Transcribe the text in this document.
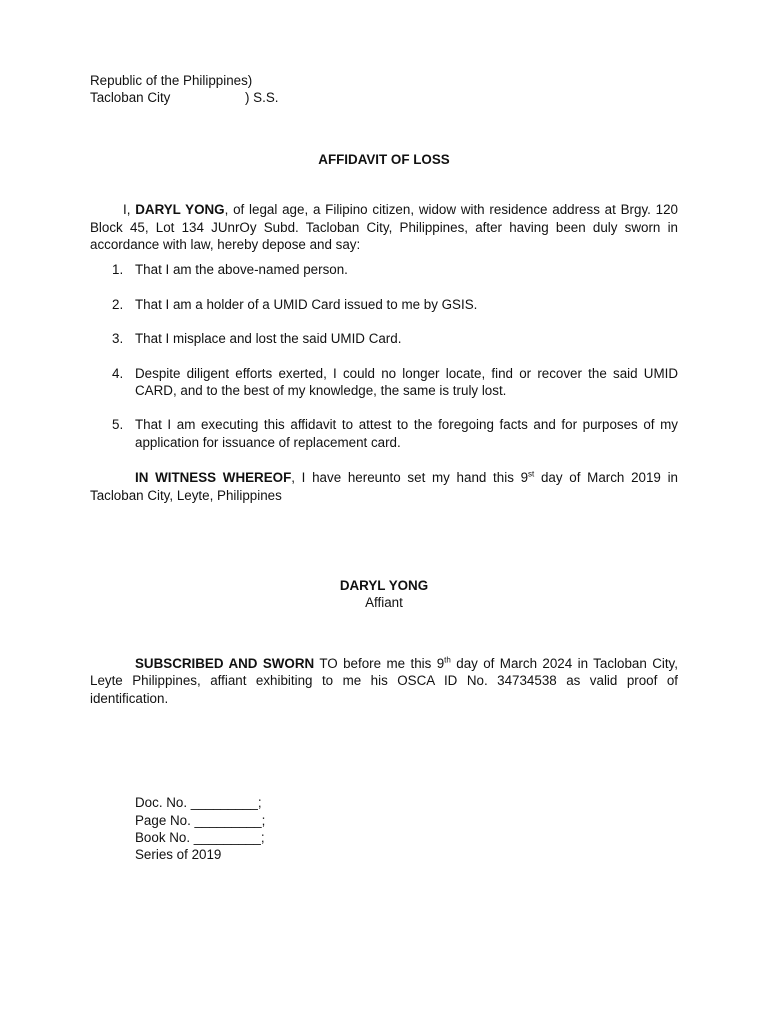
Republic of the Philippines)
Tacloban City	) S.S.
AFFIDAVIT OF LOSS
I, DARYL YONG, of legal age, a Filipino citizen, widow with residence address at Brgy. 120 Block 45, Lot 134 JUnrOy Subd. Tacloban City, Philippines, after having been duly sworn in accordance with law, hereby depose and say:
1. That I am the above-named person.
2. That I am a holder of a UMID Card issued to me by GSIS.
3. That I misplace and lost the said UMID Card.
4. Despite diligent efforts exerted, I could no longer locate, find or recover the said UMID CARD, and to the best of my knowledge, the same is truly lost.
5. That I am executing this affidavit to attest to the foregoing facts and for purposes of my application for issuance of replacement card.
IN WITNESS WHEREOF, I have hereunto set my hand this 9st day of March 2019 in Tacloban City, Leyte, Philippines
DARYL YONG
Affiant
SUBSCRIBED AND SWORN TO before me this 9th day of March 2024 in Tacloban City, Leyte Philippines, affiant exhibiting to me his OSCA ID No. 34734538 as valid proof of identification.
Doc. No. _________;
Page No. _________;
Book No. _________;
Series of 2019
